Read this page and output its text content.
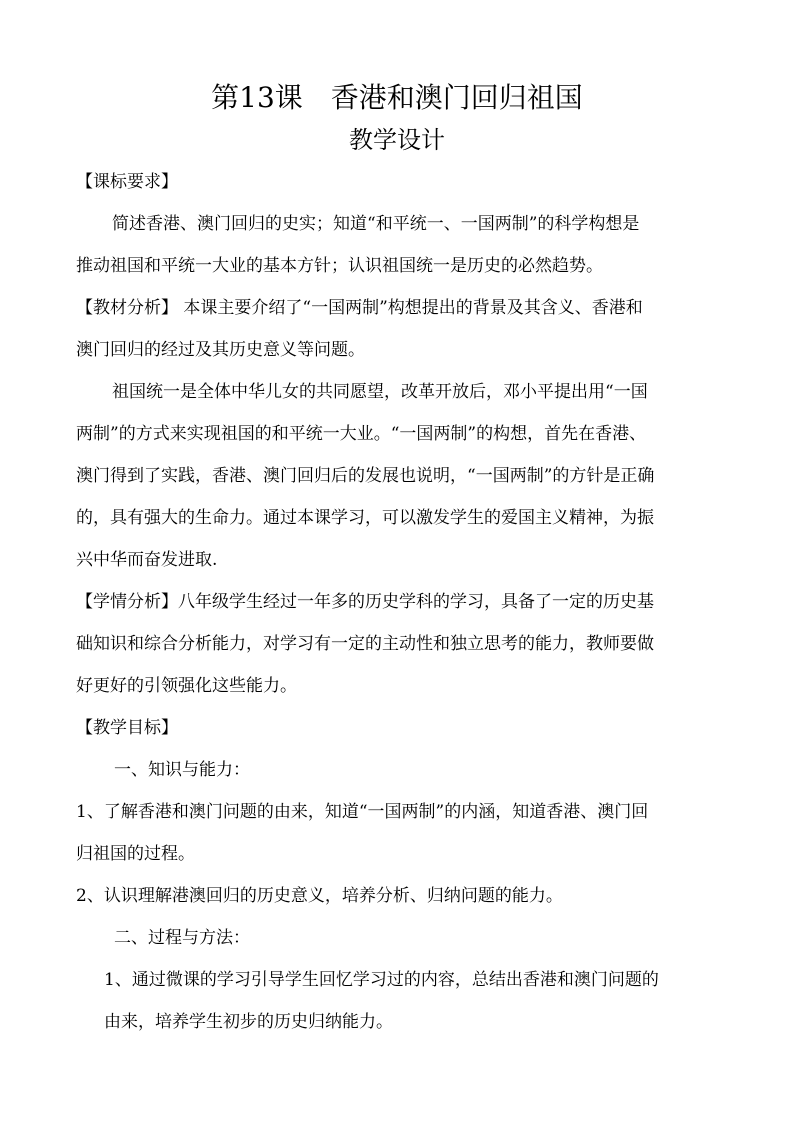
第13课　香港和澳门回归祖国
教学设计
【课标要求】
简述香港、澳门回归的史实；知道“和平统一、一国两制”的科学构想是
推动祖国和平统一大业的基本方针；认识祖国统一是历史的必然趋势。
【教材分析】 本课主要介绍了“一国两制”构想提出的背景及其含义、香港和
澳门回归的经过及其历史意义等问题。
祖国统一是全体中华儿女的共同愿望，改革开放后，邓小平提出用“一国
两制”的方式来实现祖国的和平统一大业。“一国两制”的构想，首先在香港、
澳门得到了实践，香港、澳门回归后的发展也说明，“一国两制”的方针是正确
的，具有强大的生命力。通过本课学习，可以激发学生的爱国主义精神，为振
兴中华而奋发进取.
【学情分析】八年级学生经过一年多的历史学科的学习，具备了一定的历史基
础知识和综合分析能力，对学习有一定的主动性和独立思考的能力，教师要做
好更好的引领强化这些能力。
【教学目标】
一、知识与能力：
1、了解香港和澳门问题的由来，知道“一国两制”的内涵，知道香港、澳门回
归祖国的过程。
2、认识理解港澳回归的历史意义，培养分析、归纳问题的能力。
二、过程与方法：
1、通过微课的学习引导学生回忆学习过的内容，总结出香港和澳门问题的
由来，培养学生初步的历史归纳能力。
